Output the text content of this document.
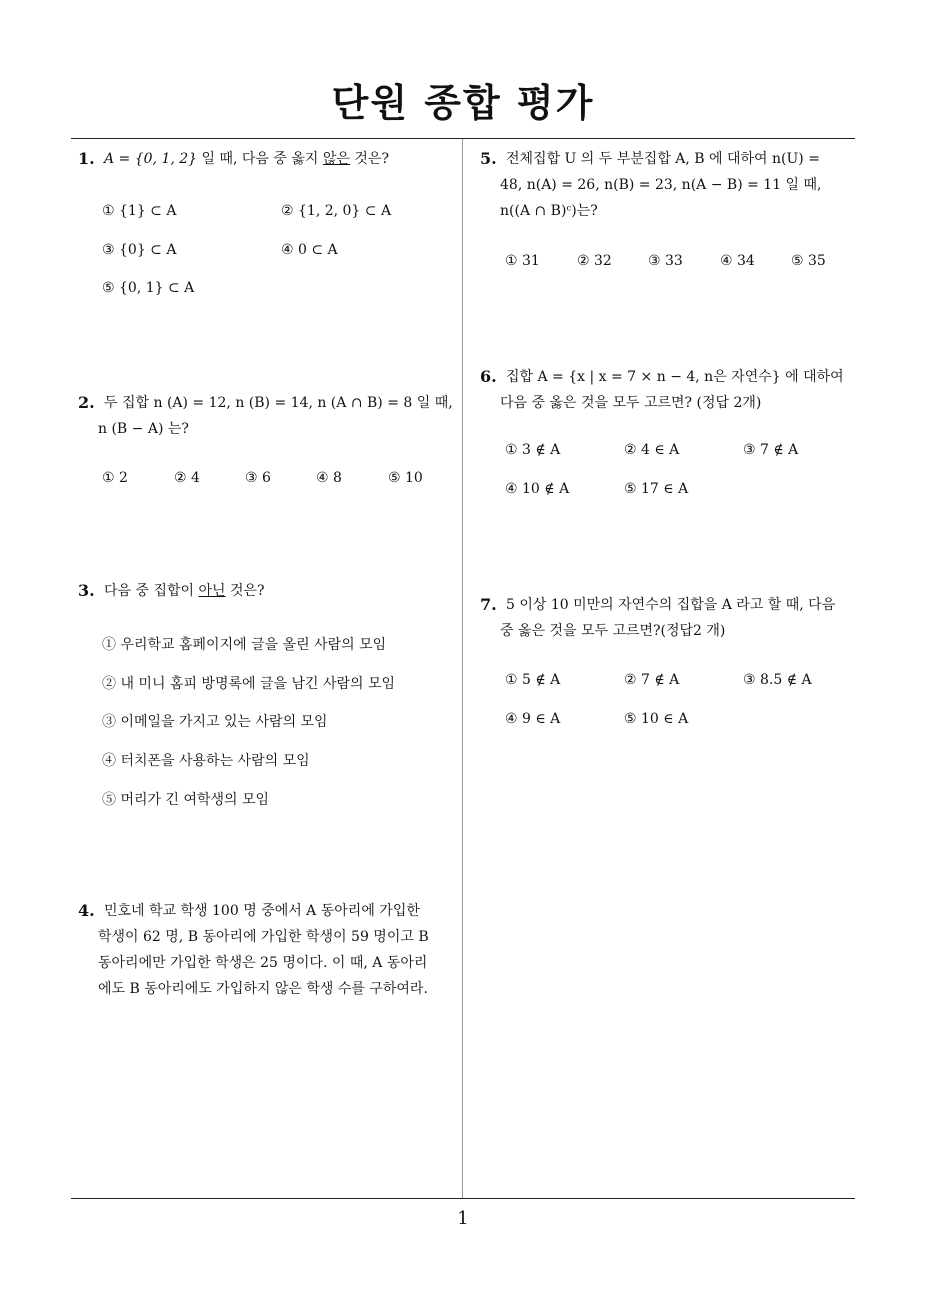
단원 종합 평가
1
1. A = {0, 1, 2} 일 때, 다음 중 옳지 않은 것은?
① {1} ⊂ A	② {1, 2, 0} ⊂ A
③ {0} ⊂ A	④ 0 ⊂ A
⑤ {0, 1} ⊂ A
2. 두 집합 n (A) = 12, n (B) = 14, n (A ∩ B) = 8 일 때,
n (B − A) 는?
① 2	② 4	③ 6	④ 8	⑤ 10
3. 다음 중 집합이 아닌 것은?
① 우리학교 홈페이지에 글을 올린 사람의 모임
② 내 미니 홈피 방명록에 글을 남긴 사람의 모임
③ 이메일을 가지고 있는 사람의 모임
④ 터치폰을 사용하는 사람의 모임
⑤ 머리가 긴 여학생의 모임
4. 민호네 학교 학생 100 명 중에서 A 동아리에 가입한
학생이 62 명, B 동아리에 가입한 학생이 59 명이고 B
동아리에만 가입한 학생은 25 명이다. 이 때, A 동아리
에도 B 동아리에도 가입하지 않은 학생 수를 구하여라.
5. 전체집합 U 의 두 부분집합 A, B 에 대하여 n(U) =
48, n(A) = 26, n(B) = 23, n(A − B) = 11 일 때,
n((A ∩ B)ᶜ)는?
① 31	② 32	③ 33	④ 34	⑤ 35
6. 집합 A = {x | x = 7 × n − 4, n은 자연수} 에 대하여
다음 중 옳은 것을 모두 고르면? (정답 2개)
① 3 ∉ A	② 4 ∈ A	③ 7 ∉ A
④ 10 ∉ A	⑤ 17 ∈ A
7. 5 이상 10 미만의 자연수의 집합을 A 라고 할 때, 다음
중 옳은 것을 모두 고르면?(정답2 개)
① 5 ∉ A	② 7 ∉ A	③ 8.5 ∉ A
④ 9 ∈ A	⑤ 10 ∈ A
